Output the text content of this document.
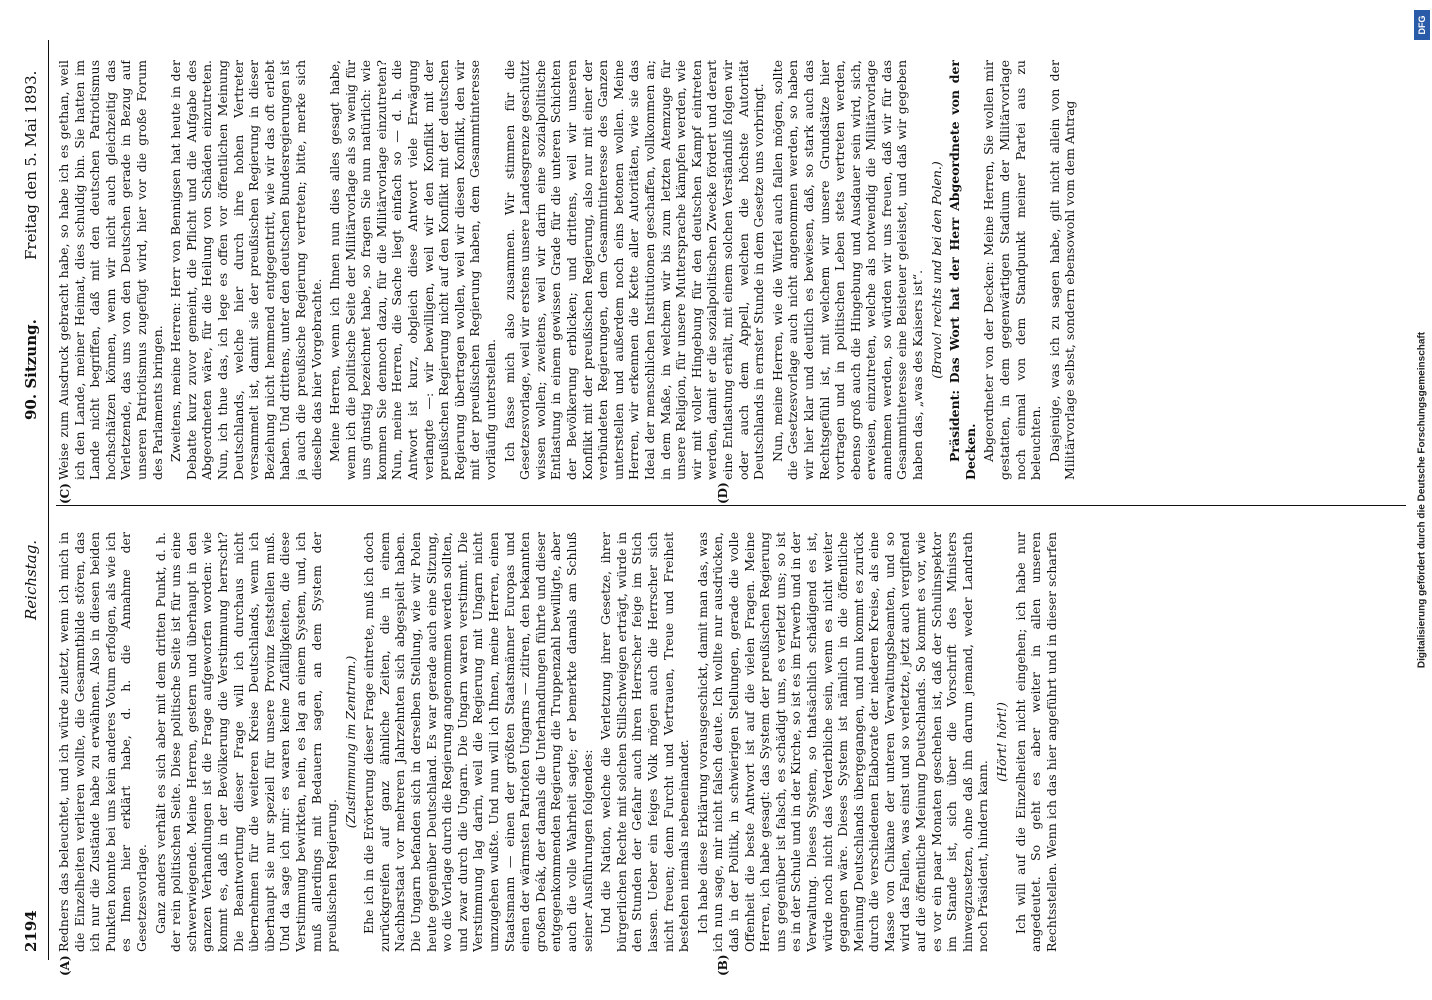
2194
Reichstag.
90. Sitzung.
Freitag den 5. Mai 1893.
(A)	(B)
(C)	(D)

Redners das beleuchtet, und ich würde zuletzt, wenn ich mich in die Einzelheiten verlieren wollte, die Gesammtbilde stören, das ich nur die Zustände habe zu erwähnen. Also in diesen beiden Punkten konnte bei uns kein anderes Votum erfolgen, als wie ich es Ihnen hier erklärt habe, d. h. die Annahme der Gesetzesvorlage. Ganz anders verhält es sich aber mit dem dritten Punkt, d. h. der rein politischen Seite. Diese politische Seite ist für uns eine schwerwiegende. Meine Herren, gestern und überhaupt in den ganzen Verhandlungen ist die Frage aufgeworfen worden: wie kommt es, daß in der Bevölkerung die Verstimmung herrscht? Die Beantwortung dieser Frage will ich durchaus nicht übernehmen für die weiteren Kreise Deutschlands, wenn ich überhaupt sie nur speziell für unsere Provinz feststellen muß. Und da sage ich mir: es waren keine Zufälligkeiten, die diese Verstimmung bewirkten, nein, es lag an einem System, und, ich muß allerdings mit Bedauern sagen, an dem System der preußischen Regierung.

(Zustimmung im Zentrum.) Ehe ich in die Erörterung dieser Frage eintrete, muß ich doch zurückgreifen auf ganz ähnliche Zeiten, die in einem Nachbarstaat vor mehreren Jahrzehnten sich abgespielt haben. Die Ungarn befanden sich in derselben Stellung, wie wir Polen heute gegenüber Deutschland. Es war gerade auch eine Sitzung, wo die Vorlage durch die Regierung angenommen werden sollten, und zwar durch die Ungarn. Die Ungarn waren verstimmt. Die Verstimmung lag darin, weil die Regierung mit Ungarn nicht umzugehen wußte. Und nun will ich Ihnen, meine Herren, einen Staatsmann — einen der größten Staatsmänner Europas und einen der wärmsten Patrioten Ungarns — zitiren, den bekannten großen Deák, der damals die Unterhandlungen führte und dieser entgegenkommenden Regierung die Truppenzahl bewilligte, aber auch die volle Wahrheit sagte; er bemerkte damals am Schluß seiner Ausführungen folgendes: Und die Nation, welche die Verletzung ihrer Gesetze, ihrer bürgerlichen Rechte mit solchen Stillschweigen erträgt, würde in den Stunden der Gefahr auch ihren Herrscher feige im Stich lassen. Ueber ein feiges Volk mögen auch die Herrscher sich nicht freuen; denn Furcht und Vertrauen, Treue und Freiheit bestehen niemals nebeneinander. Ich habe diese Erklärung vorausgeschickt, damit man das, was ich nun sage, mir nicht falsch deute. Ich wollte nur ausdrücken, daß in der Politik, in schwierigen Stellungen, gerade die volle Offenheit die beste Antwort ist auf die vielen Fragen. Meine Herren, ich habe gesagt: das System der preußischen Regierung uns gegenüber ist falsch, es schädigt uns, es verletzt uns; so ist es in der Schule und in der Kirche, so ist es im Erwerb und in der Verwaltung. Dieses System, so thatsächlich schädigend es ist, würde noch nicht das Verderbliche sein, wenn es nicht weiter gegangen wäre. Dieses System ist nämlich in die öffentliche Meinung Deutschlands übergegangen, und nun kommt es zurück durch die verschiedenen Elaborate der niederen Kreise, als eine Masse von Chikane der unteren Verwaltungsbeamten, und so wird das Fallen, was einst und so verletzte, jetzt auch vergiftend auf die öffentliche Meinung Deutschlands. So kommt es vor, wie es vor ein paar Monaten geschehen ist, daß der Schulinspektor im Stande ist, sich über die Vorschrift des Ministers hinwegzusetzen, ohne daß ihn darum jemand, weder Landrath noch Präsident, hindern kann.

(Hört! hört!) Ich will auf die Einzelheiten nicht eingehen; ich habe nur angedeutet. So geht es aber weiter in allen unseren Rechtsstellen. Wenn ich das hier angeführt und in dieser scharfen

Weise zum Ausdruck gebracht habe, so habe ich es gethan, weil ich den Lande, meiner Heimat, dies schuldig bin. Sie hatten im Lande nicht begriffen, daß mit den deutschen Patriotismus hochschätzen können, wenn wir nicht auch gleichzeitig das Verletzende, das uns von den Deutschen gerade in Bezug auf unseren Patriotismus zugefügt wird, hier vor die große Forum des Parlaments bringen. Zweitens, meine Herren: Herr von Bennigsen hat heute in der Debatte kurz zuvor gemeint, die Pflicht und die Aufgabe des Abgeordneten wäre, für die Heilung von Schäden einzutreten. Nun, ich thue das, ich lege es offen vor öffentlichen Meinung Deutschlands, welche hier durch ihre hohen Vertreter versammelt ist, damit sie der preußischen Regierung in dieser Beziehung nicht hemmend entgegentritt, wie wir das oft erlebt haben. Und drittens, unter den deutschen Bundesregierungen ist ja auch die preußische Regierung vertreten; bitte, merke sich dieselbe das hier Vorgebrachte. Meine Herren, wenn ich Ihnen nun dies alles gesagt habe, wenn ich die politische Seite der Militärvorlage als so wenig für uns günstig bezeichnet habe, so fragen Sie nun natürlich: wie kommen Sie dennoch dazu, für die Militärvorlage einzutreten? Nun, meine Herren, die Sache liegt einfach so — d. h. die Antwort ist kurz, obgleich diese Antwort viele Erwägung verlangte —: wir bewilligen, weil wir den Konflikt mit der preußischen Regierung nicht auf den Konflikt mit der deutschen Regierung übertragen wollen, weil wir diesen Konflikt, den wir mit der preußischen Regierung haben, dem Gesammtinteresse vorläufig unterstellen. Ich fasse mich also zusammen. Wir stimmen für die Gesetzesvorlage, weil wir erstens unsere Landesgrenze geschützt wissen wollen; zweitens, weil wir darin eine sozialpolitische Entlastung in einem gewissen Grade für die unteren Schichten der Bevölkerung erblicken; und drittens, weil wir unseren Konflikt mit der preußischen Regierung, also nur mit einer der verbündeten Regierungen, dem Gesammtinteresse des Ganzen unterstellen und außerdem noch eins betonen wollen. Meine Herren, wir erkennen die Kette aller Autoritäten, wie sie das Ideal der menschlichen Institutionen geschaffen, vollkommen an; in dem Maße, in welchem wir bis zum letzten Atemzuge für unsere Religion, für unsere Muttersprache kämpfen werden, wie wir mit voller Hingebung für den deutschen Kampf eintreten werden, damit er die sozialpolitischen Zwecke fördert und derart eine Entlastung erhält, mit einem solchen Verständniß folgen wir oder auch dem Appell, welchen die höchste Autorität Deutschlands in ernster Stunde in dem Gesetze uns vorbringt. Nun, meine Herren, wie die Würfel auch fallen mögen, sollte die Gesetzesvorlage auch nicht angenommen werden, so haben wir hier klar und deutlich es bewiesen, daß, so stark auch das Rechtsgefühl ist, mit welchem wir unsere Grundsätze hier vortragen und in politischen Leben stets vertreten werden, ebenso groß auch die Hingebung und Ausdauer sein wird, sich, erweisen, einzutreten, welche als notwendig die Militärvorlage annehmen werden, so würden wir uns freuen, daß wir für das Gesammtinteresse eine Beisteuer geleistet, und daß wir gegeben haben das, „was des Kaisers ist“. (Bravo! rechts und bei den Polen.) Präsident: Das Wort hat der Herr Abgeordnete von der Decken. Abgeordneter von der Decken: Meine Herren, Sie wollen mir gestatten, in dem gegenwärtigen Stadium der Militärvorlage noch einmal von dem Standpunkt meiner Partei aus zu beleuchten. Dasjenige, was ich zu sagen habe, gilt nicht allein von der Militärvorlage selbst, sondern ebensowohl vom dem Antrag

Digitalisierung gefördert durch die Deutsche Forschungsgemeinschaft
DFG
